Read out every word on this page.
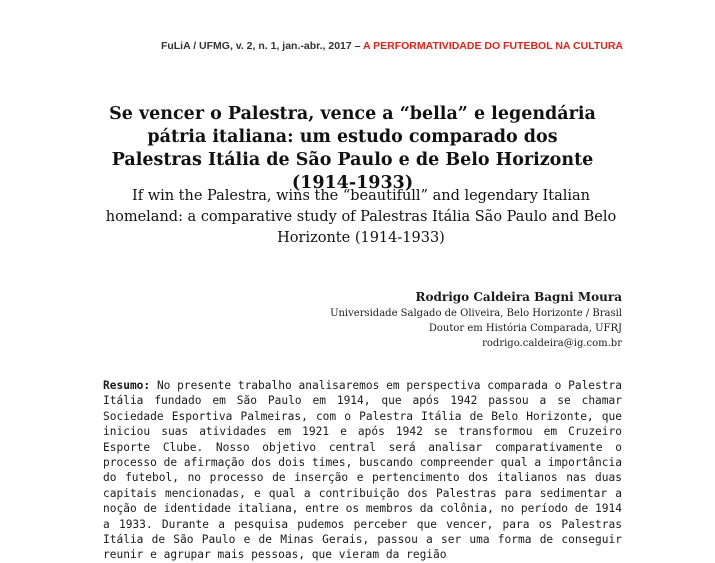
FuLiA / UFMG, v. 2, n. 1, jan.-abr., 2017 – A PERFORMATIVIDADE DO FUTEBOL NA CULTURA
Se vencer o Palestra, vence a “bella” e legendária pátria italiana: um estudo comparado dos Palestras Itália de São Paulo e de Belo Horizonte (1914-1933)
If win the Palestra, wins the “beautifull” and legendary Italian homeland: a comparative study of Palestras Itália São Paulo and Belo Horizonte (1914-1933)
Rodrigo Caldeira Bagni Moura
Universidade Salgado de Oliveira, Belo Horizonte / Brasil
Doutor em História Comparada, UFRJ
rodrigo.caldeira@ig.com.br
Resumo: No presente trabalho analisaremos em perspectiva comparada o Palestra Itália fundado em São Paulo em 1914, que após 1942 passou a se chamar Sociedade Esportiva Palmeiras, com o Palestra Itália de Belo Horizonte, que iniciou suas atividades em 1921 e após 1942 se transformou em Cruzeiro Esporte Clube. Nosso objetivo central será analisar comparativamente o processo de afirmação dos dois times, buscando compreender qual a importância do futebol, no processo de inserção e pertencimento dos italianos nas duas capitais mencionadas, e qual a contribuição dos Palestras para sedimentar a noção de identidade italiana, entre os membros da colônia, no período de 1914 a 1933. Durante a pesquisa pudemos perceber que vencer, para os Palestras Itália de São Paulo e de Minas Gerais, passou a ser uma forma de conseguir reunir e agrupar mais pessoas, que vieram da região
